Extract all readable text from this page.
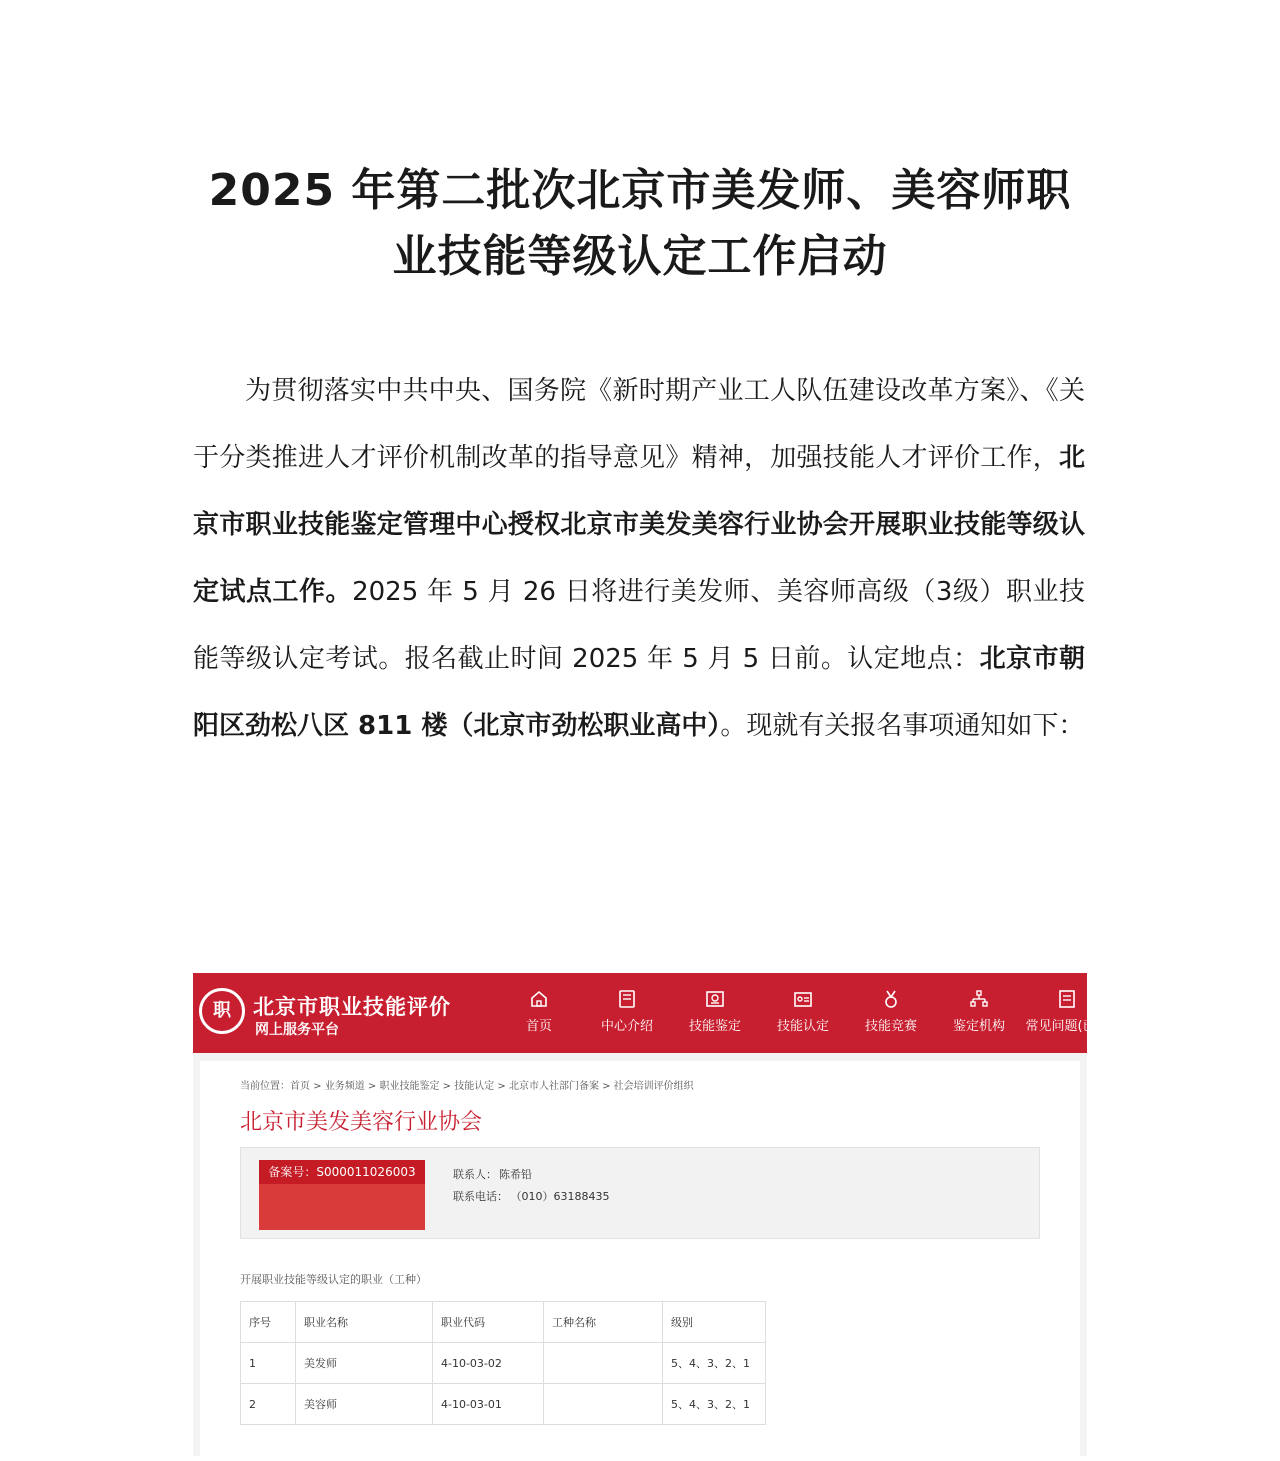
2025 年第二批次北京市美发师、美容师职
业技能等级认定工作启动
为贯彻落实中共中央、国务院《新时期产业工人队伍建设改革方案》、《关于分类推进人才评价机制改革的指导意见》精神，加强技能人才评价工作，北京市职业技能鉴定管理中心授权北京市美发美容行业协会开展职业技能等级认定试点工作。2025 年 5 月 26 日将进行美发师、美容师高级（3级）职业技能等级认定考试。报名截止时间 2025 年 5 月 5 日前。认定地点：北京市朝阳区劲松八区 811 楼（北京市劲松职业高中）。现就有关报名事项通知如下：
职	北京市职业技能评价
网上服务平台	首页	中心介绍	技能鉴定	技能认定	技能竞赛	鉴定机构	常见问题(已归
当前位置：首页 > 业务频道 > 职业技能鉴定 > 技能认定 > 北京市人社部门备案 > 社会培训评价组织
北京市美发美容行业协会
备案号：S000011026003	联系人： 陈希铅
联系电话： （010）63188435
开展职业技能等级认定的职业（工种）
序号	职业名称	职业代码	工种名称	级别
1	美发师	4-10-03-02		5、4、3、2、1
2	美容师	4-10-03-01		5、4、3、2、1
